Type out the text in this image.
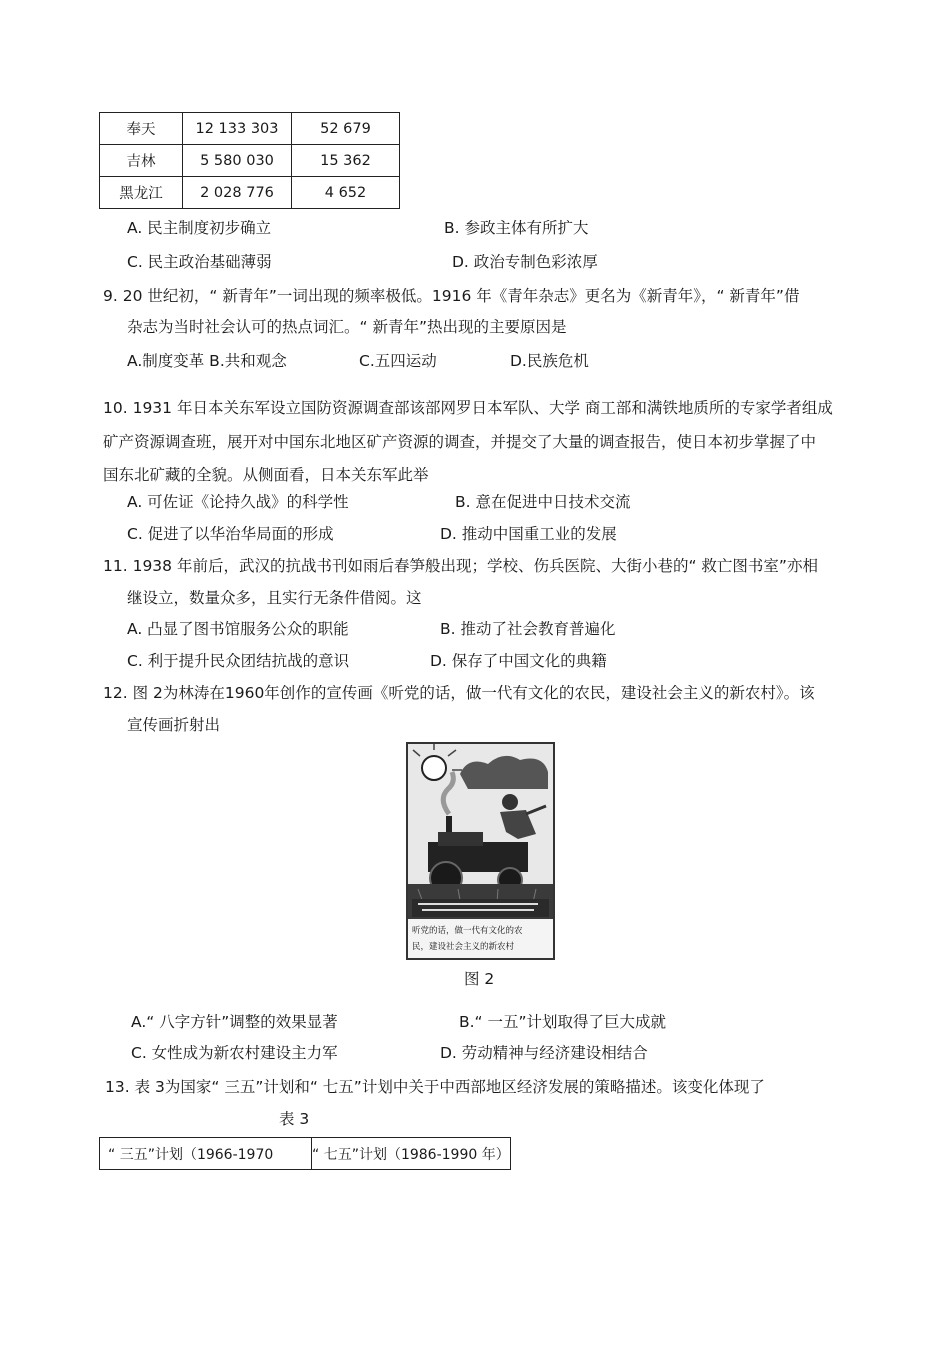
奉天	12 133 303	52 679
吉林	5 580 030	15 362
黑龙江	2 028 776	4 652
A. 民主制度初步确立	B. 参政主体有所扩大
C. 民主政治基础薄弱	D. 政治专制色彩浓厚
9. 20 世纪初，“ 新青年”一词出现的频率极低。1916 年《青年杂志》更名为《新青年》，“ 新青年”借
杂志为当时社会认可的热点词汇。“ 新青年”热出现的主要原因是
A.制度变革 B.共和观念	C.五四运动	D.民族危机
10. 1931 年日本关东军设立国防资源调查部该部网罗日本军队、大学 商工部和满铁地质所的专家学者组成
矿产资源调查班，展开对中国东北地区矿产资源的调查，并提交了大量的调查报告，使日本初步掌握了中
国东北矿藏的全貌。从侧面看，日本关东军此举
A. 可佐证《论持久战》的科学性	B. 意在促进中日技术交流
C. 促进了以华治华局面的形成	D. 推动中国重工业的发展
11. 1938 年前后，武汉的抗战书刊如雨后春笋般出现；学校、伤兵医院、大街小巷的“ 救亡图书室”亦相
继设立，数量众多，且实行无条件借阅。这
A. 凸显了图书馆服务公众的职能	B. 推动了社会教育普遍化
C. 利于提升民众团结抗战的意识	D. 保存了中国文化的典籍
12. 图 2为林涛在1960年创作的宣传画《听党的话，做一代有文化的农民，建设社会主义的新农村》。该
宣传画折射出
听党的话，做一代有文化的农
民，建设社会主义的新农村
图 2
A.“ 八字方针”调整的效果显著	B.“ 一五”计划取得了巨大成就
C. 女性成为新农村建设主力军	D. 劳动精神与经济建设相结合
13. 表 3为国家“ 三五”计划和“ 七五”计划中关于中西部地区经济发展的策略描述。该变化体现了
表 3
“ 三五”计划（1966-1970	“ 七五”计划（1986-1990 年）
